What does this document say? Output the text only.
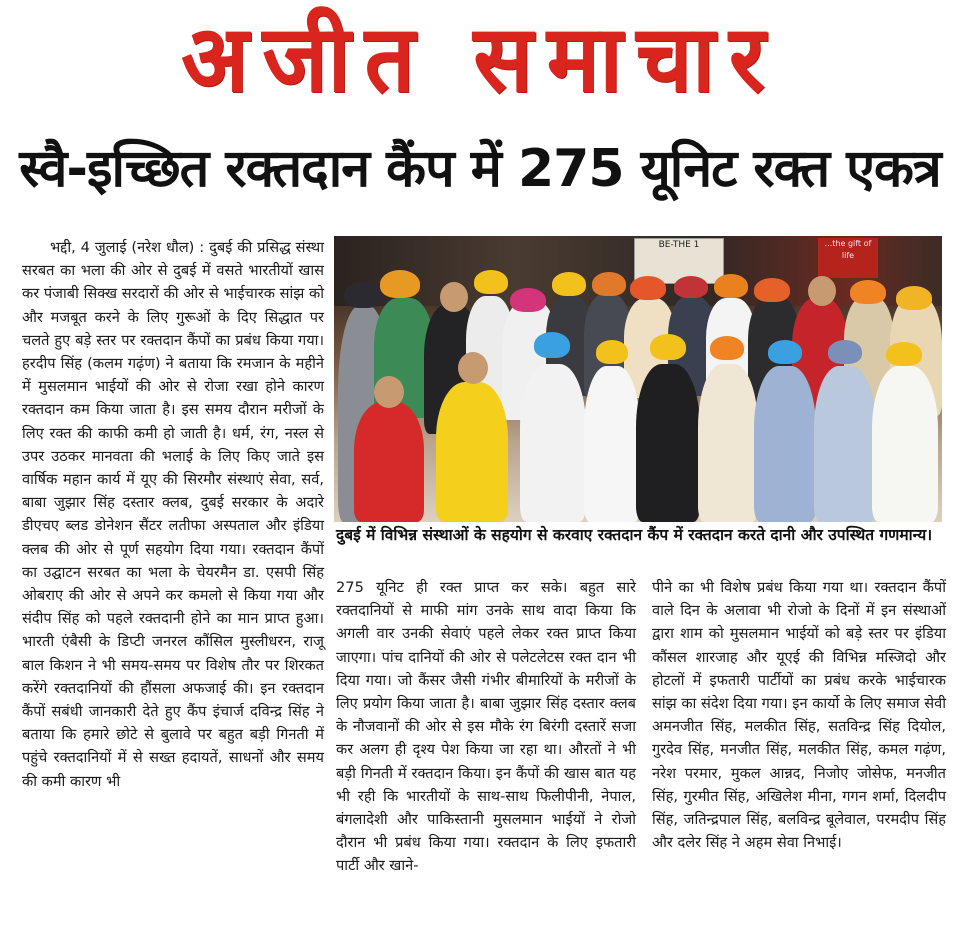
अजीत समाचार
स्वै-इच्छित रक्तदान कैंप में 275 यूनिट रक्त एकत्र
भद्दी, 4 जुलाई (नरेश धौल) : दुबई की प्रसिद्ध संस्था सरबत का भला की ओर से दुबई में वसते भारतीयों खास कर पंजाबी सिक्ख सरदारों की ओर से भाईचारक सांझ को और मजबूत करने के लिए गुरूओं के दिए सिद्धात पर चलते हुए बड़े स्तर पर रक्तदान कैंपों का प्रबंध किया गया। हरदीप सिंह (कलम गढ़ंण) ने बताया कि रमजान के महीने में मुसलमान भाईयों की ओर से रोजा रखा होने कारण रक्तदान कम किया जाता है। इस समय दौरान मरीजों के लिए रक्त की काफी कमी हो जाती है। धर्म, रंग, नस्ल से उपर उठकर मानवता की भलाई के लिए किए जाते इस वार्षिक महान कार्य में यूए की सिरमौर संस्थाएं सेवा, सर्व, बाबा जुझार सिंह दस्तार क्लब, दुबई सरकार के अदारे डीएचए ब्लड डोनेशन सैंटर लतीफा अस्पताल और इंडिया क्लब की ओर से पूर्ण सहयोग दिया गया। रक्तदान कैंपों का उद्घाटन सरबत का भला के चेयरमैन डा. एसपी सिंह ओबराए की ओर से अपने कर कमलो से किया गया और संदीप सिंह को पहले रक्तदानी होने का मान प्राप्त हुआ। भारती एंबैसी के डिप्टी जनरल कौंसिल मुस्लीधरन, राजू बाल किशन ने भी समय-समय पर विशेष तौर पर शिरकत करेंगे रक्तदानियों की हौंसला अफजाई की। इन रक्तदान कैंपों सबंधी जानकारी देते हुए कैंप इंचार्ज दविन्द्र सिंह ने बताया कि हमारे छोटे से बुलावे पर बहुत बड़ी गिनती में पहुंचे रक्तदानियों में से सख्त हदायतें, साधनों और समय की कमी कारण भी
BE-THE 1	...the gift of life
दुबई में विभिन्न संस्थाओं के सहयोग से करवाए रक्तदान कैंप में रक्तदान करते दानी और उपस्थित गणमान्य।
275 यूनिट ही रक्त प्राप्त कर सके। बहुत सारे रक्तदानियों से माफी मांग उनके साथ वादा किया कि अगली वार उनकी सेवाएं पहले लेकर रक्त प्राप्त किया जाएगा। पांच दानियों की ओर से पलेटलेटस रक्त दान भी दिया गया। जो कैंसर जैसी गंभीर बीमारियों के मरीजों के लिए प्रयोग किया जाता है। बाबा जुझार सिंह दस्तार क्लब के नौजवानों की ओर से इस मौके रंग बिरंगी दस्तारें सजा कर अलग ही दृश्य पेश किया जा रहा था। औरतों ने भी बड़ी गिनती में रक्तदान किया। इन कैंपों की खास बात यह भी रही कि भारतीयों के साथ-साथ फिलीपीनी, नेपाल, बंगलादेशी और पाकिस्तानी मुसलमान भाईयों ने रोजो दौरान भी प्रबंध किया गया। रक्तदान के लिए इफतारी पार्टी और खाने-
पीने का भी विशेष प्रबंध किया गया था। रक्तदान कैंपों वाले दिन के अलावा भी रोजो के दिनों में इन संस्थाओं द्वारा शाम को मुसलमान भाईयों को बड़े स्तर पर इंडिया कौंसल शारजाह और यूएई की विभिन्न मस्जिदो और होटलों में इफतारी पार्टीयों का प्रबंध करके भाईचारक सांझ का संदेश दिया गया। इन कार्यो के लिए समाज सेवी अमनजीत सिंह, मलकीत सिंह, सतविन्द्र सिंह दियोल, गुरदेव सिंह, मनजीत सिंह, मलकीत सिंह, कमल गढ़ंण, नरेश परमार, मुकल आन्नद, निजोए जोसेफ, मनजीत सिंह, गुरमीत सिंह, अखिलेश मीना, गगन शर्मा, दिलदीप सिंह, जतिन्द्रपाल सिंह, बलविन्द्र बूलेवाल, परमदीप सिंह और दलेर सिंह ने अहम सेवा निभाई।
